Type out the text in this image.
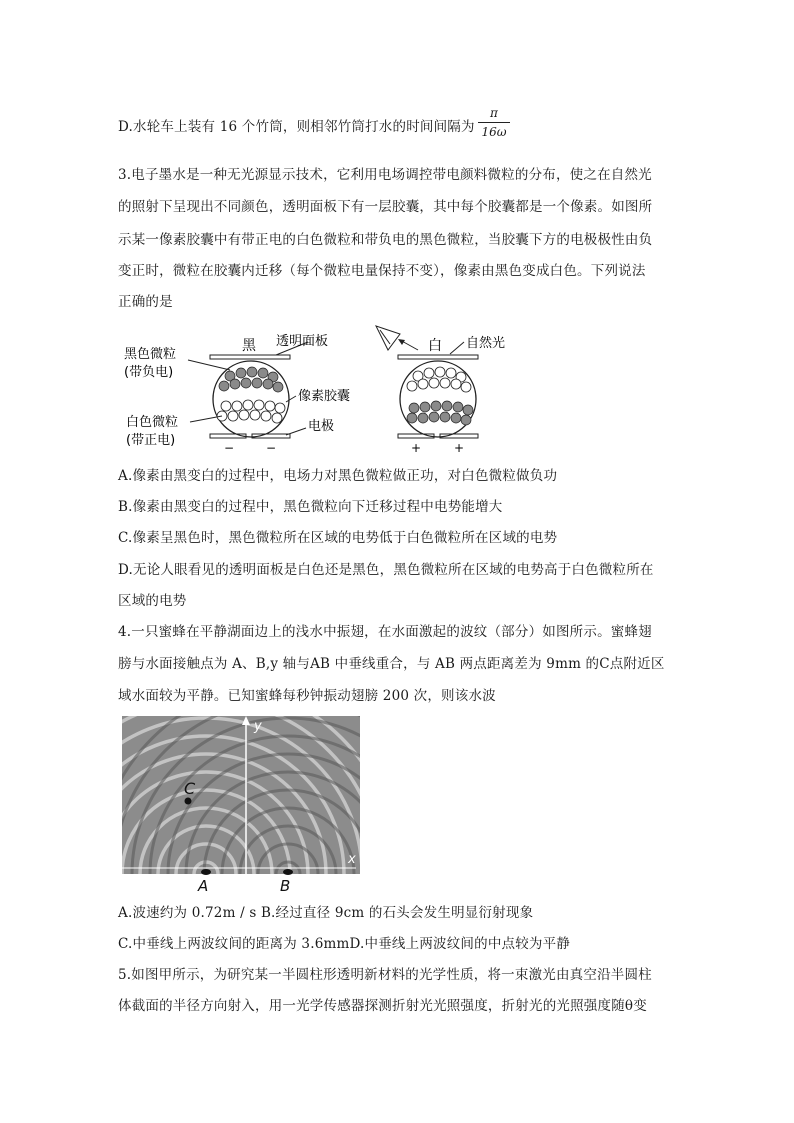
D.水轮车上装有 16 个竹筒，则相邻竹筒打水的时间间隔为
π
16ω
3.电子墨水是一种无光源显示技术，它利用电场调控带电颜料微粒的分布，使之在自然光
的照射下呈现出不同颜色，透明面板下有一层胶囊，其中每个胶囊都是一个像素。如图所
示某一像素胶囊中有带正电的白色微粒和带负电的黑色微粒，当胶囊下方的电极极性由负
变正时，微粒在胶囊内迁移（每个微粒电量保持不变），像素由黑色变成白色。下列说法
正确的是
黑 透明面板
黑色微粒
(带负电)
像素胶囊
白色微粒
(带正电)
电极
−	−
白 自然光
+	+
A.像素由黑变白的过程中，电场力对黑色微粒做正功，对白色微粒做负功
B.像素由黑变白的过程中，黑色微粒向下迁移过程中电势能增大
C.像素呈黑色时，黑色微粒所在区域的电势低于白色微粒所在区域的电势
D.无论人眼看见的透明面板是白色还是黑色，黑色微粒所在区域的电势高于白色微粒所在
区域的电势
4.一只蜜蜂在平静湖面边上的浅水中振翅，在水面激起的波纹（部分）如图所示。蜜蜂翅
膀与水面接触点为 A、B,y 轴与AB 中垂线重合，与 AB 两点距离差为 9mm 的C点附近区
域水面较为平静。已知蜜蜂每秒钟振动翅膀 200 次，则该水波
y
x
C
A	B
A.波速约为 0.72m / s B.经过直径 9cm 的石头会发生明显衍射现象
C.中垂线上两波纹间的距离为 3.6mmD.中垂线上两波纹间的中点较为平静
5.如图甲所示，为研究某一半圆柱形透明新材料的光学性质，将一束激光由真空沿半圆柱
体截面的半径方向射入，用一光学传感器探测折射光光照强度，折射光的光照强度随θ变
